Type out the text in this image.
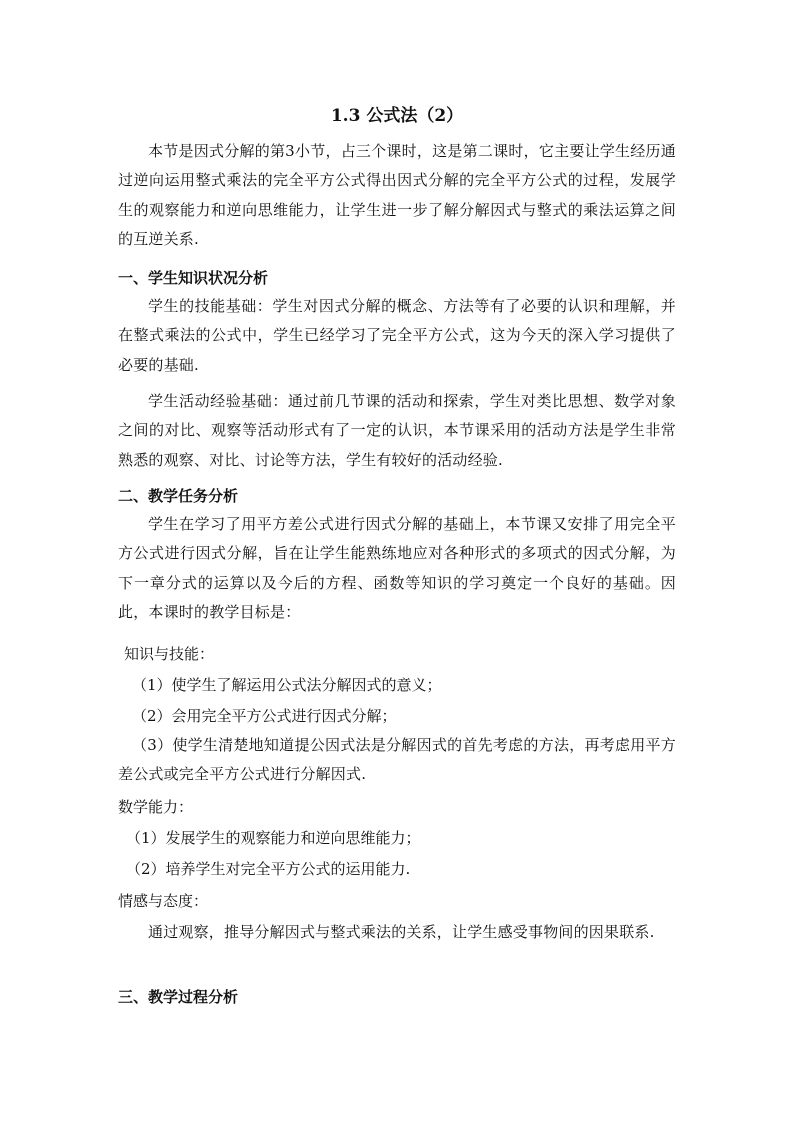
1.3 公式法（2）

本节是因式分解的第3小节，占三个课时，这是第二课时，它主要让学生经历通过逆向运用整式乘法的完全平方公式得出因式分解的完全平方公式的过程，发展学生的观察能力和逆向思维能力，让学生进一步了解分解因式与整式的乘法运算之间的互逆关系.

一、学生知识状况分析

学生的技能基础：学生对因式分解的概念、方法等有了必要的认识和理解，并在整式乘法的公式中，学生已经学习了完全平方公式，这为今天的深入学习提供了必要的基础.

学生活动经验基础：通过前几节课的活动和探索，学生对类比思想、数学对象之间的对比、观察等活动形式有了一定的认识，本节课采用的活动方法是学生非常熟悉的观察、对比、讨论等方法，学生有较好的活动经验.

二、教学任务分析

学生在学习了用平方差公式进行因式分解的基础上，本节课又安排了用完全平方公式进行因式分解，旨在让学生能熟练地应对各种形式的多项式的因式分解，为下一章分式的运算以及今后的方程、函数等知识的学习奠定一个良好的基础。因此，本课时的教学目标是：

知识与技能：
（1）使学生了解运用公式法分解因式的意义；
（2）会用完全平方公式进行因式分解；

（3）使学生清楚地知道提公因式法是分解因式的首先考虑的方法，再考虑用平方差公式或完全平方公式进行分解因式.

数学能力：
（1）发展学生的观察能力和逆向思维能力；
（2）培养学生对完全平方公式的运用能力.
情感与态度：

通过观察，推导分解因式与整式乘法的关系，让学生感受事物间的因果联系.

三、教学过程分析
